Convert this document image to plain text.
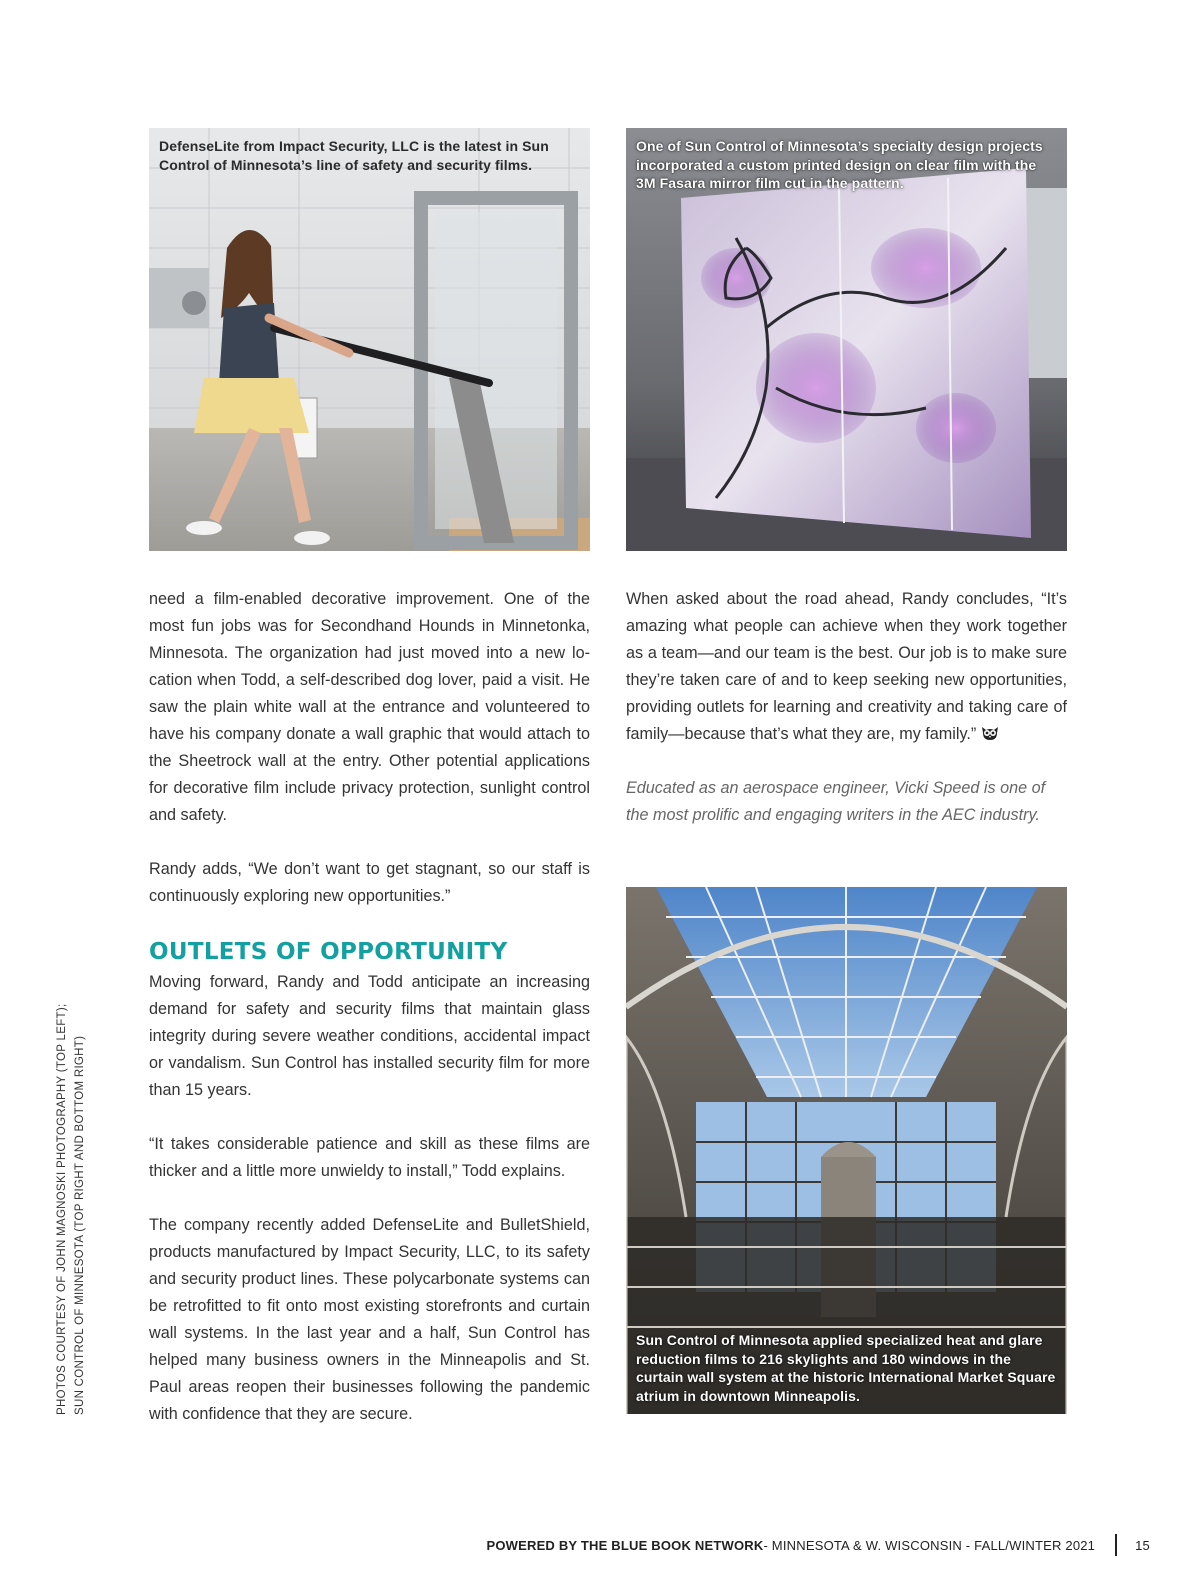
DefenseLite from Impact Security, LLC is the latest in Sun Control of Minnesota’s line of safety and security films.
One of Sun Control of Minnesota’s specialty design projects incorporated a custom printed design on clear film with the 3M Fasara mirror film cut in the pattern.

need a film-enabled decorative improvement. One of the most fun jobs was for Secondhand Hounds in Minnetonka, Minnesota. The organization had just moved into a new location when Todd, a self-described dog lover, paid a visit. He saw the plain white wall at the entrance and volunteered to have his company donate a wall graphic that would attach to the Sheetrock wall at the entry. Other potential applications for decorative film include privacy protection, sunlight control and safety.

Randy adds, “We don’t want to get stagnant, so our staff is continuously exploring new opportunities.”

OUTLETS OF OPPORTUNITY

Moving forward, Randy and Todd anticipate an increasing demand for safety and security films that maintain glass integrity during severe weather conditions, accidental impact or vandalism. Sun Control has installed security film for more than 15 years.

“It takes considerable patience and skill as these films are thicker and a little more unwieldy to install,” Todd explains.

The company recently added DefenseLite and BulletShield, products manufactured by Impact Security, LLC, to its safety and security product lines. These polycarbonate systems can be retrofitted to fit onto most existing storefronts and curtain wall systems. In the last year and a half, Sun Control has helped many business owners in the Minneapolis and St. Paul areas reopen their businesses following the pandemic with confidence that they are secure.

When asked about the road ahead, Randy concludes, “It’s amazing what people can achieve when they work together as a team—and our team is the best. Our job is to make sure they’re taken care of and to keep seeking new opportunities, providing outlets for learning and creativity and taking care of family—because that’s what they are, my family.”

Educated as an aerospace engineer, Vicki Speed is one of the most prolific and engaging writers in the AEC industry.

Sun Control of Minnesota applied specialized heat and glare reduction films to 216 skylights and 180 windows in the curtain wall system at the historic International Market Square atrium in downtown Minneapolis.
PHOTOS COURTESY OF JOHN MAGNOSKI PHOTOGRAPHY (TOP LEFT); SUN CONTROL OF MINNESOTA (TOP RIGHT AND BOTTOM RIGHT)
POWERED BY THE BLUE BOOK NETWORK - MINNESOTA & W. WISCONSIN - FALL/WINTER 2021	15
